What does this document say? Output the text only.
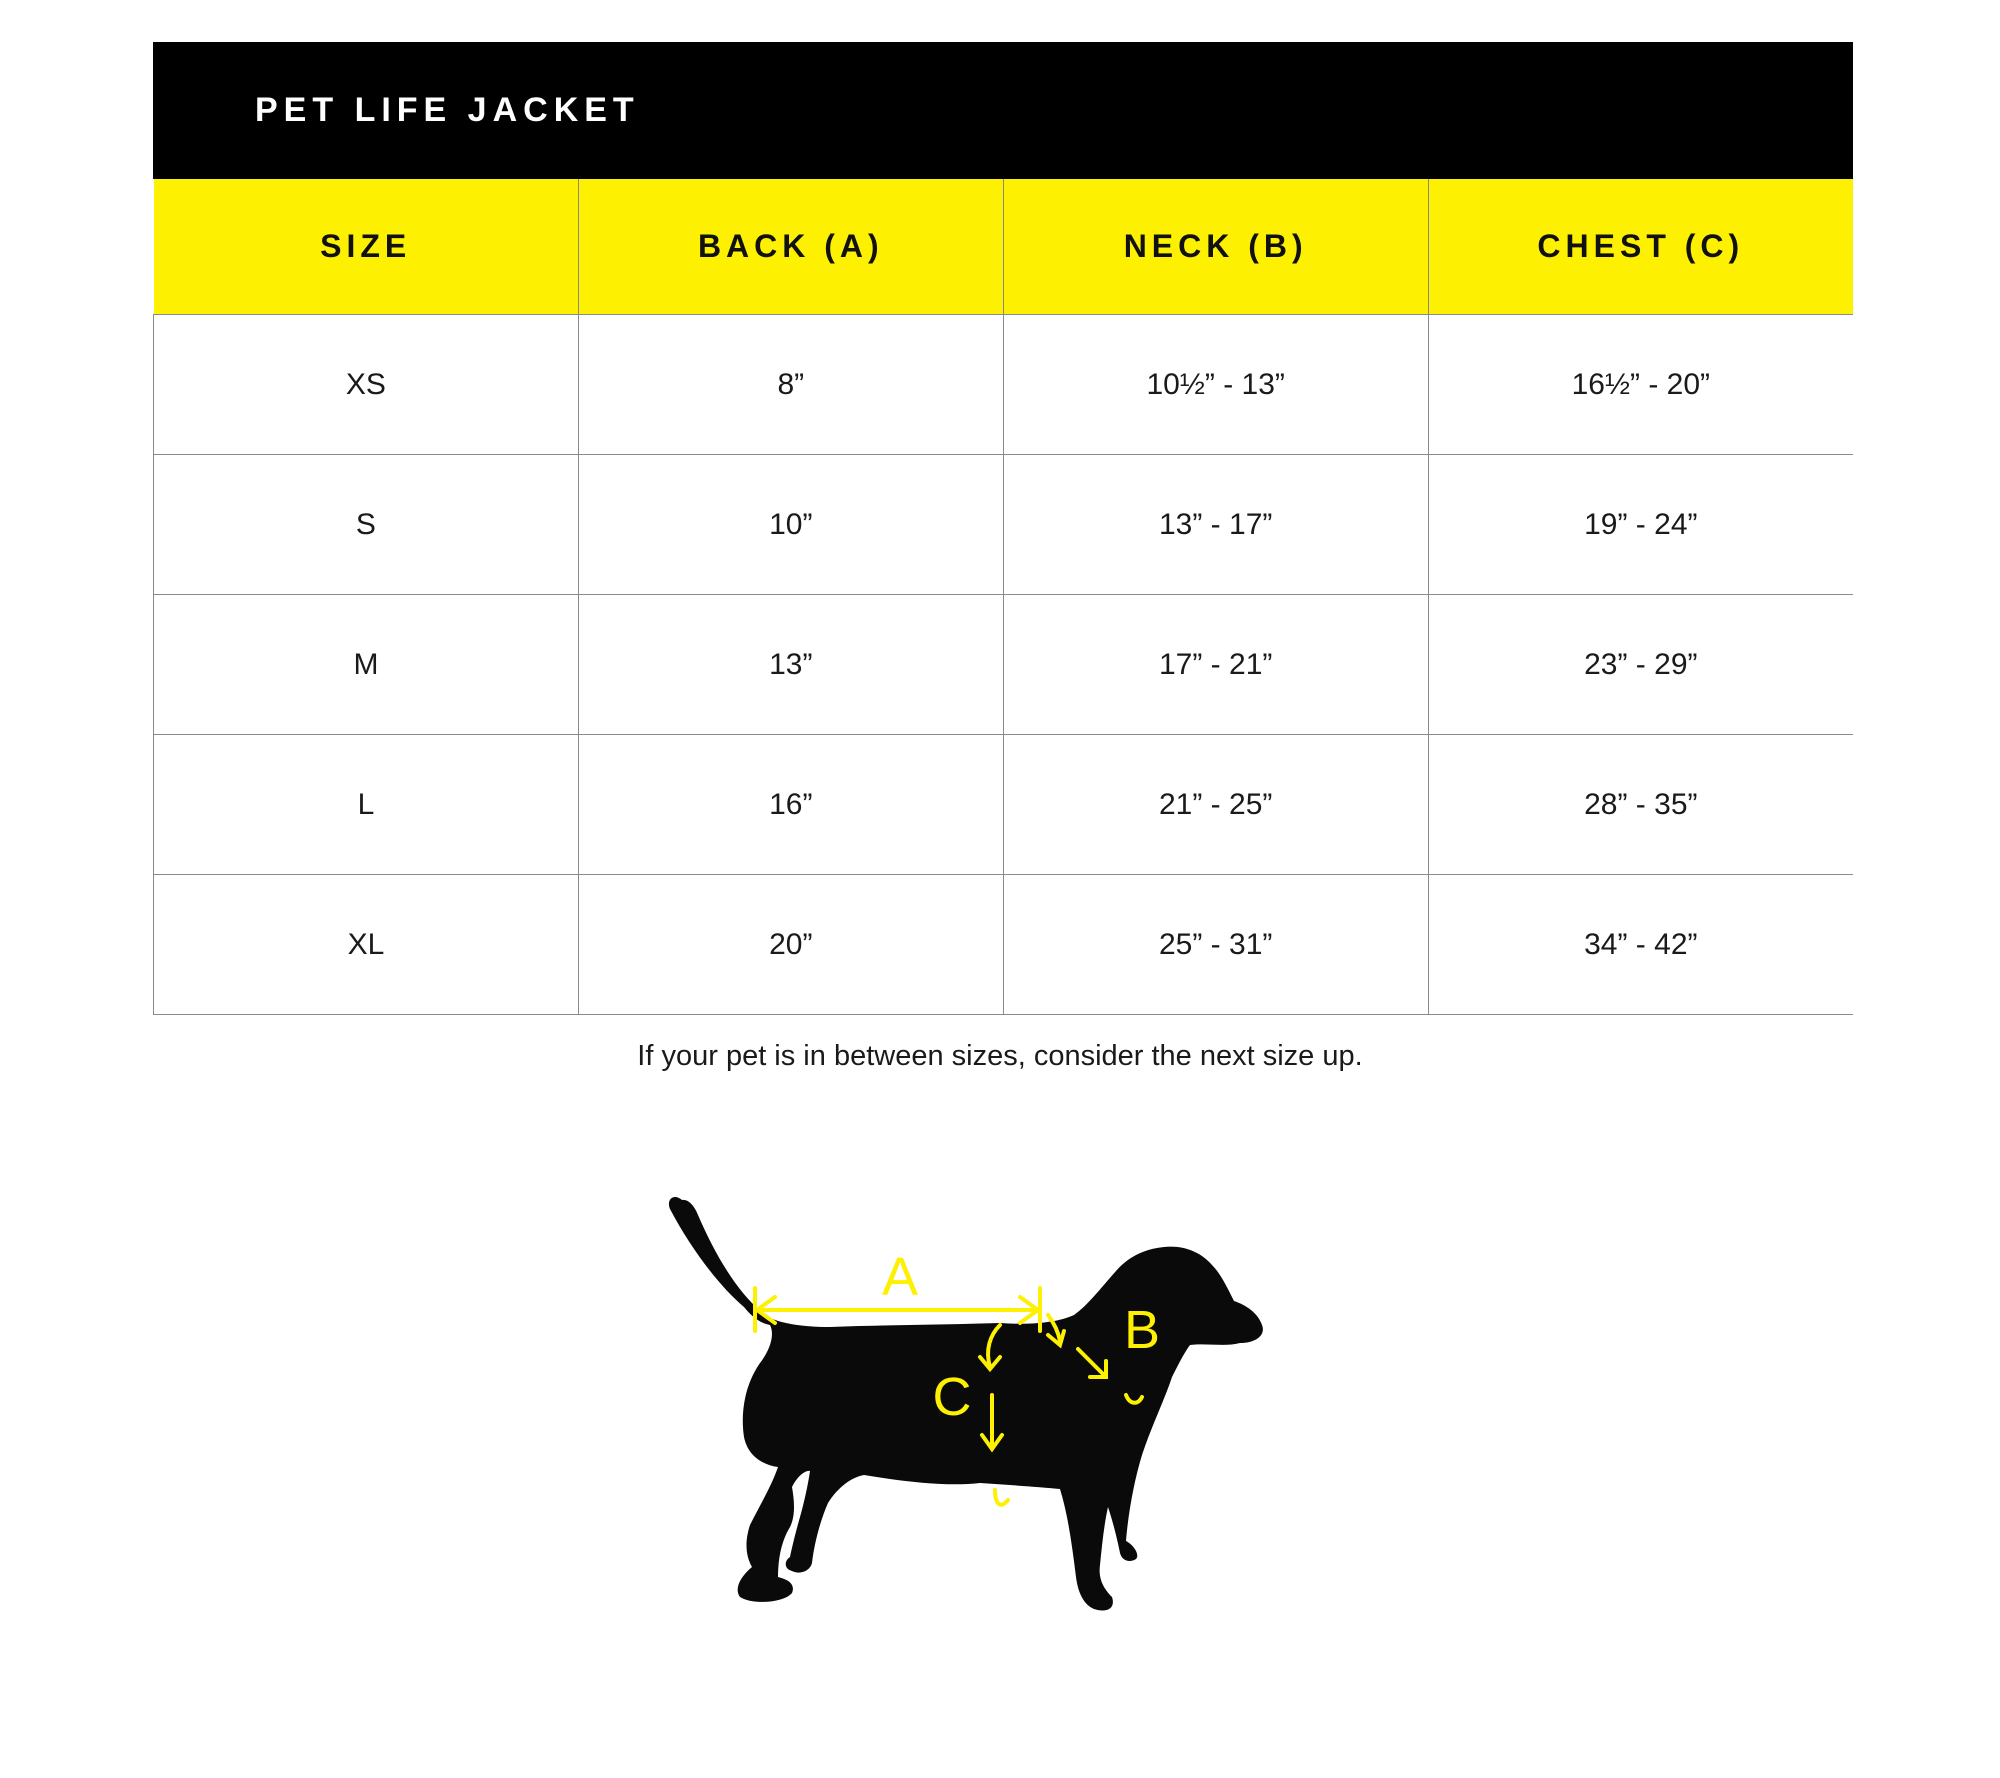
PET LIFE JACKET
SIZE	BACK (A)	NECK (B)	CHEST (C)
XS	8”	10½” - 13”	16½” - 20”
S	10”	13” - 17”	19” - 24”
M	13”	17” - 21”	23” - 29”
L	16”	21” - 25”	28” - 35”
XL	20”	25” - 31”	34” - 42”
If your pet is in between sizes, consider the next size up.
A
C
B
